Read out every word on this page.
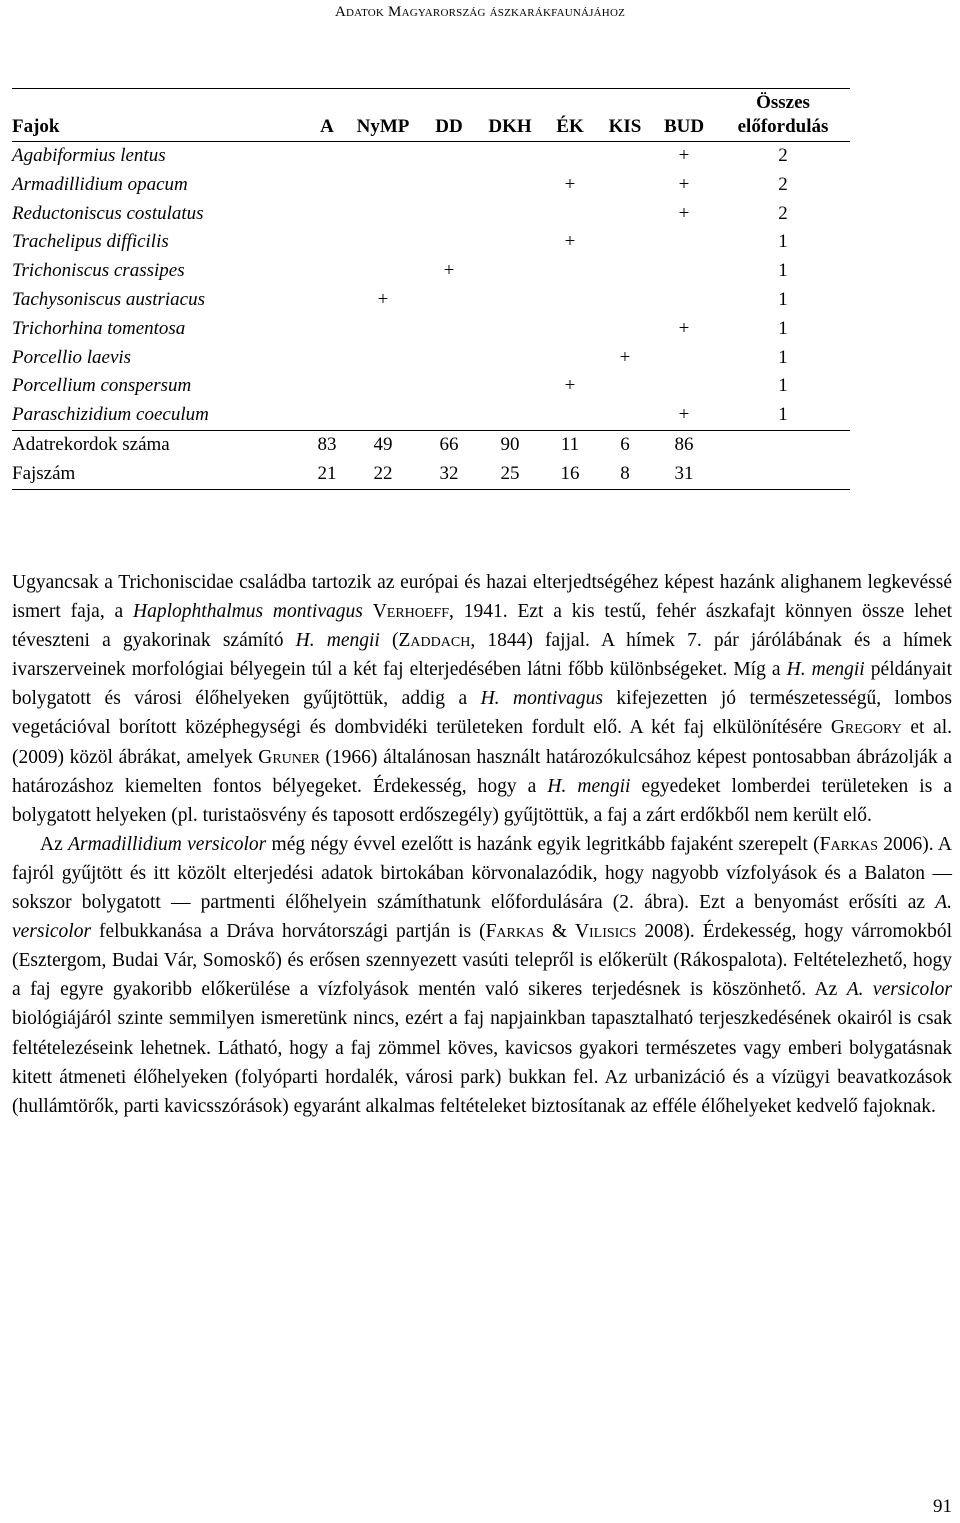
Adatok Magyarország ászkarákfaunájához
Fajok	A	NyMP	DD	DKH	ÉK	KIS	BUD	Összes
előfordulás
Agabiformius lentus							+	2
Armadillidium opacum					+		+	2
Reductoniscus costulatus							+	2
Trachelipus difficilis					+			1
Trichoniscus crassipes			+					1
Tachysoniscus austriacus		+						1
Trichorhina tomentosa							+	1
Porcellio laevis						+		1
Porcellium conspersum					+			1
Paraschizidium coeculum							+	1
Adatrekordok száma	83	49	66	90	11	6	86	
Fajszám	21	22	32	25	16	8	31	

Ugyancsak a Trichoniscidae családba tartozik az európai és hazai elterjedtségéhez képest hazánk alighanem legkevéssé ismert faja, a Haplophthalmus montivagus Verhoeff, 1941. Ezt a kis testű, fehér ászkafajt könnyen össze lehet téveszteni a gyakorinak számító H. mengii (Zaddach, 1844) fajjal. A hímek 7. pár járólábának és a hímek ivarszerveinek morfológiai bélyegein túl a két faj elterjedésében látni főbb különbségeket. Míg a H. mengii példányait bolygatott és városi élőhelyeken gyűjtöttük, addig a H. montivagus kifejezetten jó természetességű, lombos vegetációval borított középhegységi és dombvidéki területeken fordult elő. A két faj elkülönítésére Gregory et al. (2009) közöl ábrákat, amelyek Gruner (1966) általánosan használt határozókulcsához képest pontosabban ábrázolják a határozáshoz kiemelten fontos bélyegeket. Érdekesség, hogy a H. mengii egyedeket lomberdei területeken is a bolygatott helyeken (pl. turistaösvény és taposott erdőszegély) gyűjtöttük, a faj a zárt erdőkből nem került elő.

Az Armadillidium versicolor még négy évvel ezelőtt is hazánk egyik legritkább fajaként szerepelt (Farkas 2006). A fajról gyűjtött és itt közölt elterjedési adatok birtokában körvonalazódik, hogy nagyobb vízfolyások és a Balaton — sokszor bolygatott — partmenti élőhelyein számíthatunk előfordulására (2. ábra). Ezt a benyomást erősíti az A. versicolor felbukkanása a Dráva horvátországi partján is (Farkas & Vilisics 2008). Érdekesség, hogy várromokból (Esztergom, Budai Vár, Somoskő) és erősen szennyezett vasúti telepről is előkerült (Rákospalota). Feltételezhető, hogy a faj egyre gyakoribb előkerülése a vízfolyások mentén való sikeres terjedésnek is köszönhető. Az A. versicolor biológiájáról szinte semmilyen ismeretünk nincs, ezért a faj napjainkban tapasztalható terjeszkedésének okairól is csak feltételezéseink lehetnek. Látható, hogy a faj zömmel köves, kavicsos gyakori természetes vagy emberi bolygatásnak kitett átmeneti élőhelyeken (folyóparti hordalék, városi park) bukkan fel. Az urbanizáció és a vízügyi beavatkozások (hullámtörők, parti kavicsszórások) egyaránt alkalmas feltételeket biztosítanak az efféle élőhelyeket kedvelő fajoknak.

91
